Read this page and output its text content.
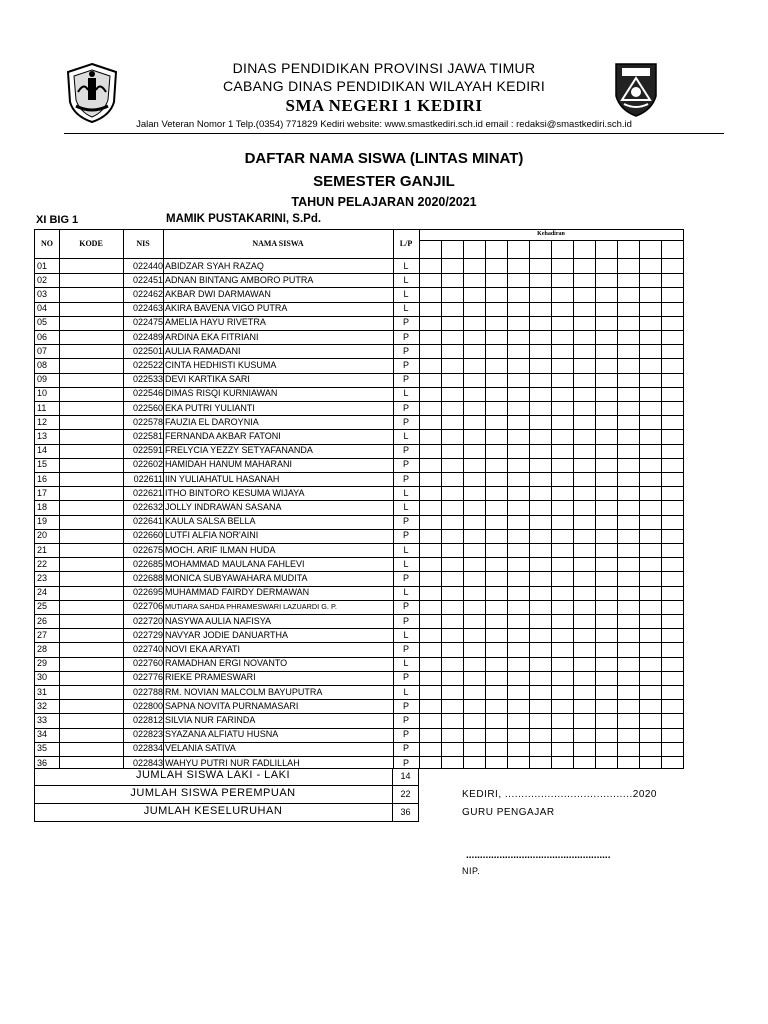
DINAS PENDIDIKAN PROVINSI JAWA TIMUR
CABANG DINAS PENDIDIKAN WILAYAH KEDIRI
SMA NEGERI 1 KEDIRI
Jalan Veteran Nomor 1 Telp.(0354) 771829 Kediri website: www.smastkediri.sch.id email : redaksi@smastkediri.sch.id
DAFTAR NAMA SISWA (LINTAS MINAT)
SEMESTER GANJIL
TAHUN PELAJARAN 2020/2021
XI BIG 1	MAMIK PUSTAKARINI, S.Pd.
NO	KODE	NIS	NAMA SISWA	L/P
Kehadiran
01	022440 ABIDZAR SYAH RAZAQ	L
02	022451 ADNAN BINTANG AMBORO PUTRA	L
03	022462 AKBAR DWI DARMAWAN	L
04	022463 AKIRA BAVENA VIGO PUTRA	L
05	022475 AMELIA HAYU RIVETRA	P
06	022489 ARDINA EKA FITRIANI	P
07	022501 AULIA RAMADANI	P
08	022522 CINTA HEDHISTI KUSUMA	P
09	022533 DEVI KARTIKA SARI	P
10	022546 DIMAS RISQI KURNIAWAN	L
11	022560 EKA PUTRI YULIANTI	P
12	022578 FAUZIA EL DAROYNIA	P
13	022581 FERNANDA AKBAR FATONI	L
14	022591 FRELYCIA YEZZY SETYAFANANDA	P
15	022602 HAMIDAH HANUM MAHARANI	P
16	022611 IIN YULIAHATUL HASANAH	P
17	022621 ITHO BINTORO KESUMA WIJAYA	L
18	022632 JOLLY INDRAWAN SASANA	L
19	022641 KAULA SALSA BELLA	P
20	022660 LUTFI ALFIA NOR'AINI	P
21	022675 MOCH. ARIF ILMAN HUDA	L
22	022685 MOHAMMAD MAULANA FAHLEVI	L
23	022688 MONICA SUBYAWAHARA MUDITA	P
24	022695 MUHAMMAD FAIRDY DERMAWAN	L
25	022706 MUTIARA SAHDA PHRAMESWARI LAZUARDI G. P.	P
26	022720 NASYWA AULIA NAFISYA	P
27	022729 NAVYAR JODIE DANUARTHA	L
28	022740 NOVI EKA ARYATI	P
29	022760 RAMADHAN ERGI NOVANTO	L
30	022776 RIEKE PRAMESWARI	P
31	022788 RM. NOVIAN MALCOLM BAYUPUTRA	L
32	022800 SAPNA NOVITA PURNAMASARI	P
33	022812 SILVIA NUR FARINDA	P
34	022823 SYAZANA ALFIATU HUSNA	P
35	022834 VELANIA SATIVA	P
36	022843 WAHYU PUTRI NUR FADLILLAH	P
JUMLAH SISWA LAKI - LAKI	14
JUMLAH SISWA PEREMPUAN	22
JUMLAH KESELURUHAN	36
KEDIRI, .......................................2020
GURU PENGAJAR
....................................................
NIP.
